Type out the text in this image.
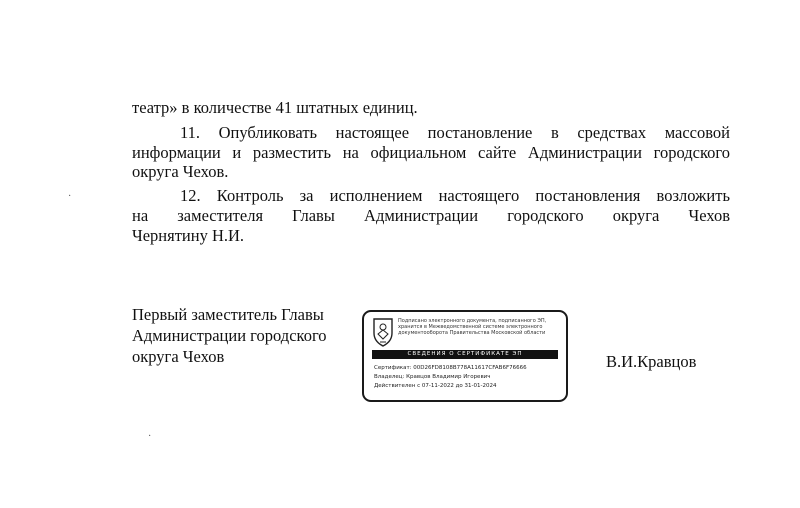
театр» в количестве 41 штатных единиц.
11. Опубликовать настоящее постановление в средствах массовой
информации и разместить на официальном сайте Администрации городского
округа Чехов.
12. Контроль за исполнением настоящего постановления возложить
на заместителя Главы Администрации городского округа Чехов
Чернятину Н.И.
·
·
Первый заместитель Главы
Администрации городского
округа Чехов
Подписано электронного документа, подписанного ЭП, хранится в Межведомственной системе электронного документооборота Правительства Московской области
СВЕДЕНИЯ О СЕРТИФИКАТЕ ЭП
Сертификат: 00D26FD8108B778A11617CFAB6F76666
Владелец: Кравцов Владимир Игоревич
Действителен с 07-11-2022 до 31-01-2024
В.И.Кравцов
